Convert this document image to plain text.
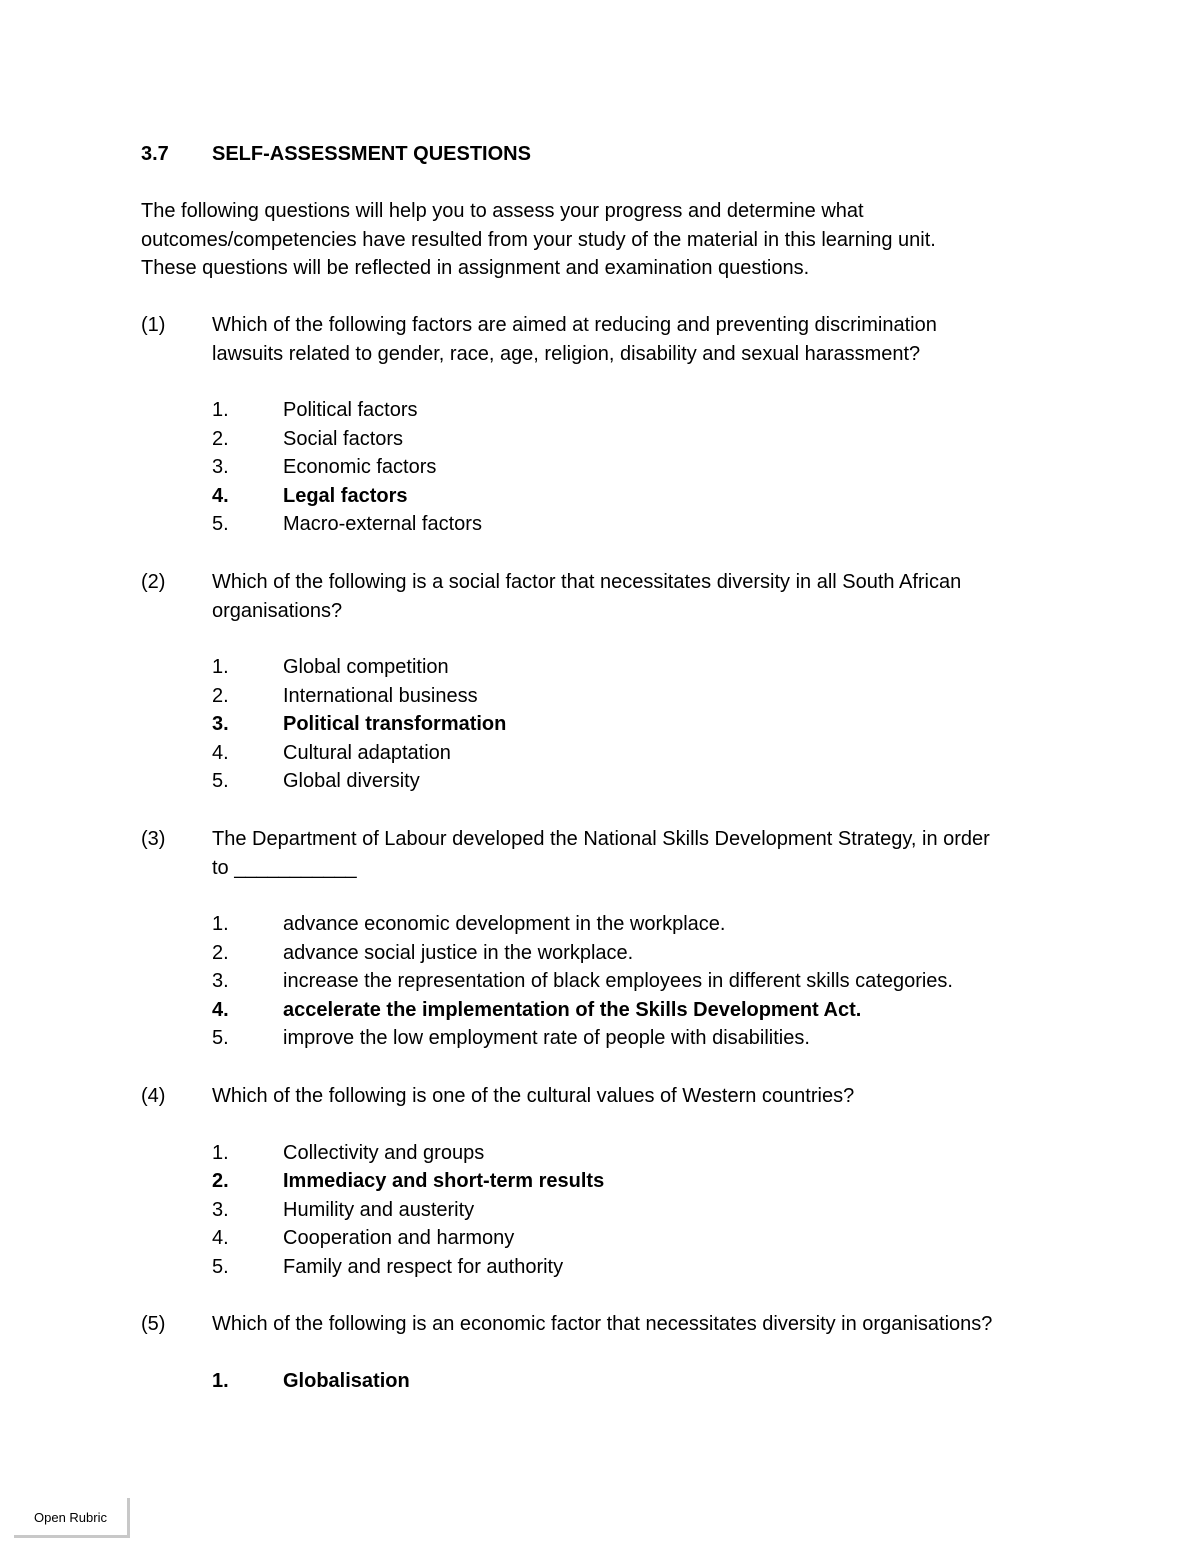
3.7 SELF-ASSESSMENT QUESTIONS
The following questions will help you to assess your progress and determine what
outcomes/competencies have resulted from your study of the material in this learning unit.
These questions will be reflected in assignment and examination questions.
(1) Which of the following factors are aimed at reducing and preventing discrimination
lawsuits related to gender, race, age, religion, disability and sexual harassment?
1.	Political factors
2.	Social factors
3.	Economic factors
4.	Legal factors
5.	Macro-external factors
(2) Which of the following is a social factor that necessitates diversity in all South African
organisations?
1.	Global competition
2.	International business
3.	Political transformation
4.	Cultural adaptation
5.	Global diversity
(3) The Department of Labour developed the National Skills Development Strategy, in order
to ___________
1.	advance economic development in the workplace.
2.	advance social justice in the workplace.
3.	increase the representation of black employees in different skills categories.
4.	accelerate the implementation of the Skills Development Act.
5.	improve the low employment rate of people with disabilities.
(4) Which of the following is one of the cultural values of Western countries?
1.	Collectivity and groups
2.	Immediacy and short-term results
3.	Humility and austerity
4.	Cooperation and harmony
5.	Family and respect for authority
(5) Which of the following is an economic factor that necessitates diversity in organisations?
1.	Globalisation
Open Rubric
